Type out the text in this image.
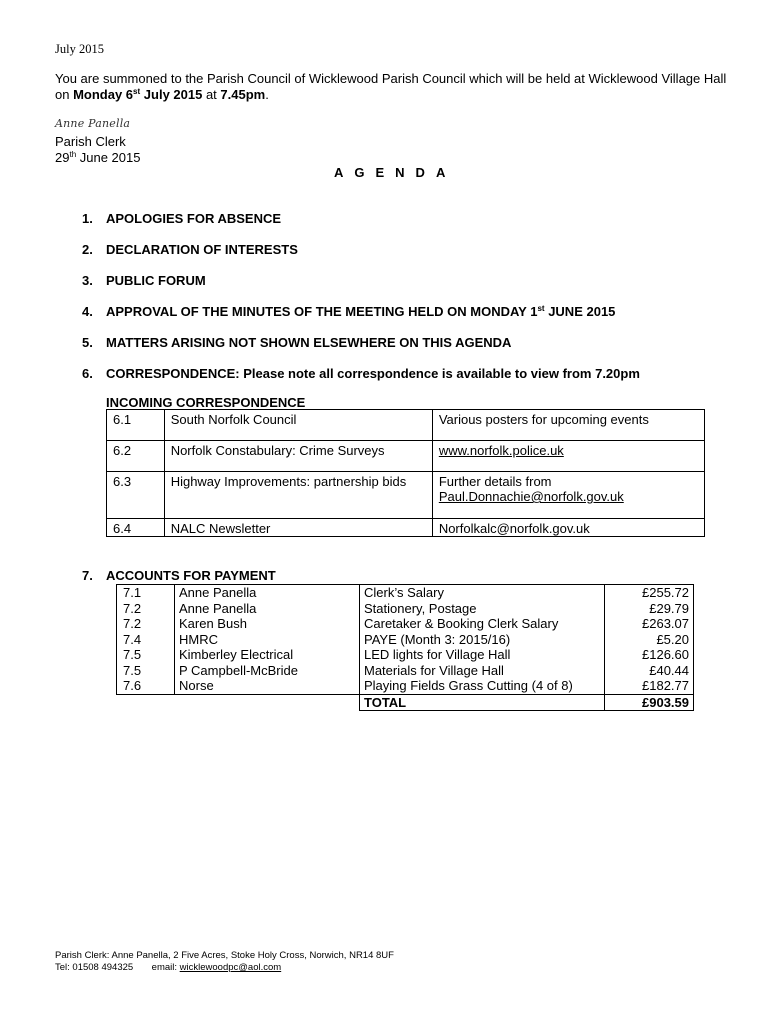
July 2015
You are summoned to the Parish Council of Wicklewood Parish Council which will be held at Wicklewood Village Hall on Monday 6st July 2015 at 7.45pm.
Anne Panella
Parish Clerk
29th June 2015
AGENDA
1. APOLOGIES FOR ABSENCE
2. DECLARATION OF INTERESTS
3. PUBLIC FORUM
4. APPROVAL OF THE MINUTES OF THE MEETING HELD ON MONDAY 1st JUNE 2015
5. MATTERS ARISING NOT SHOWN ELSEWHERE ON THIS AGENDA
6. CORRESPONDENCE: Please note all correspondence is available to view from 7.20pm
INCOMING CORRESPONDENCE
6.1	South Norfolk Council	Various posters for upcoming events
6.2	Norfolk Constabulary: Crime Surveys	www.norfolk.police.uk
6.3	Highway Improvements: partnership bids	Further details from
Paul.Donnachie@norfolk.gov.uk
6.4	NALC Newsletter	Norfolkalc@norfolk.gov.uk
7. ACCOUNTS FOR PAYMENT
7.1	Anne Panella	Clerk’s Salary	£255.72
7.2	Anne Panella	Stationery, Postage	£29.79
7.2	Karen Bush	Caretaker & Booking Clerk Salary	£263.07
7.4	HMRC	PAYE (Month 3: 2015/16)	£5.20
7.5	Kimberley Electrical	LED lights for Village Hall	£126.60
7.5	P Campbell-McBride	Materials for Village Hall	£40.44
7.6	Norse	Playing Fields Grass Cutting (4 of 8)	£182.77
		TOTAL	£903.59
Parish Clerk: Anne Panella, 2 Five Acres, Stoke Holy Cross, Norwich, NR14 8UF
Tel: 01508 494325 email: wicklewoodpc@aol.com
